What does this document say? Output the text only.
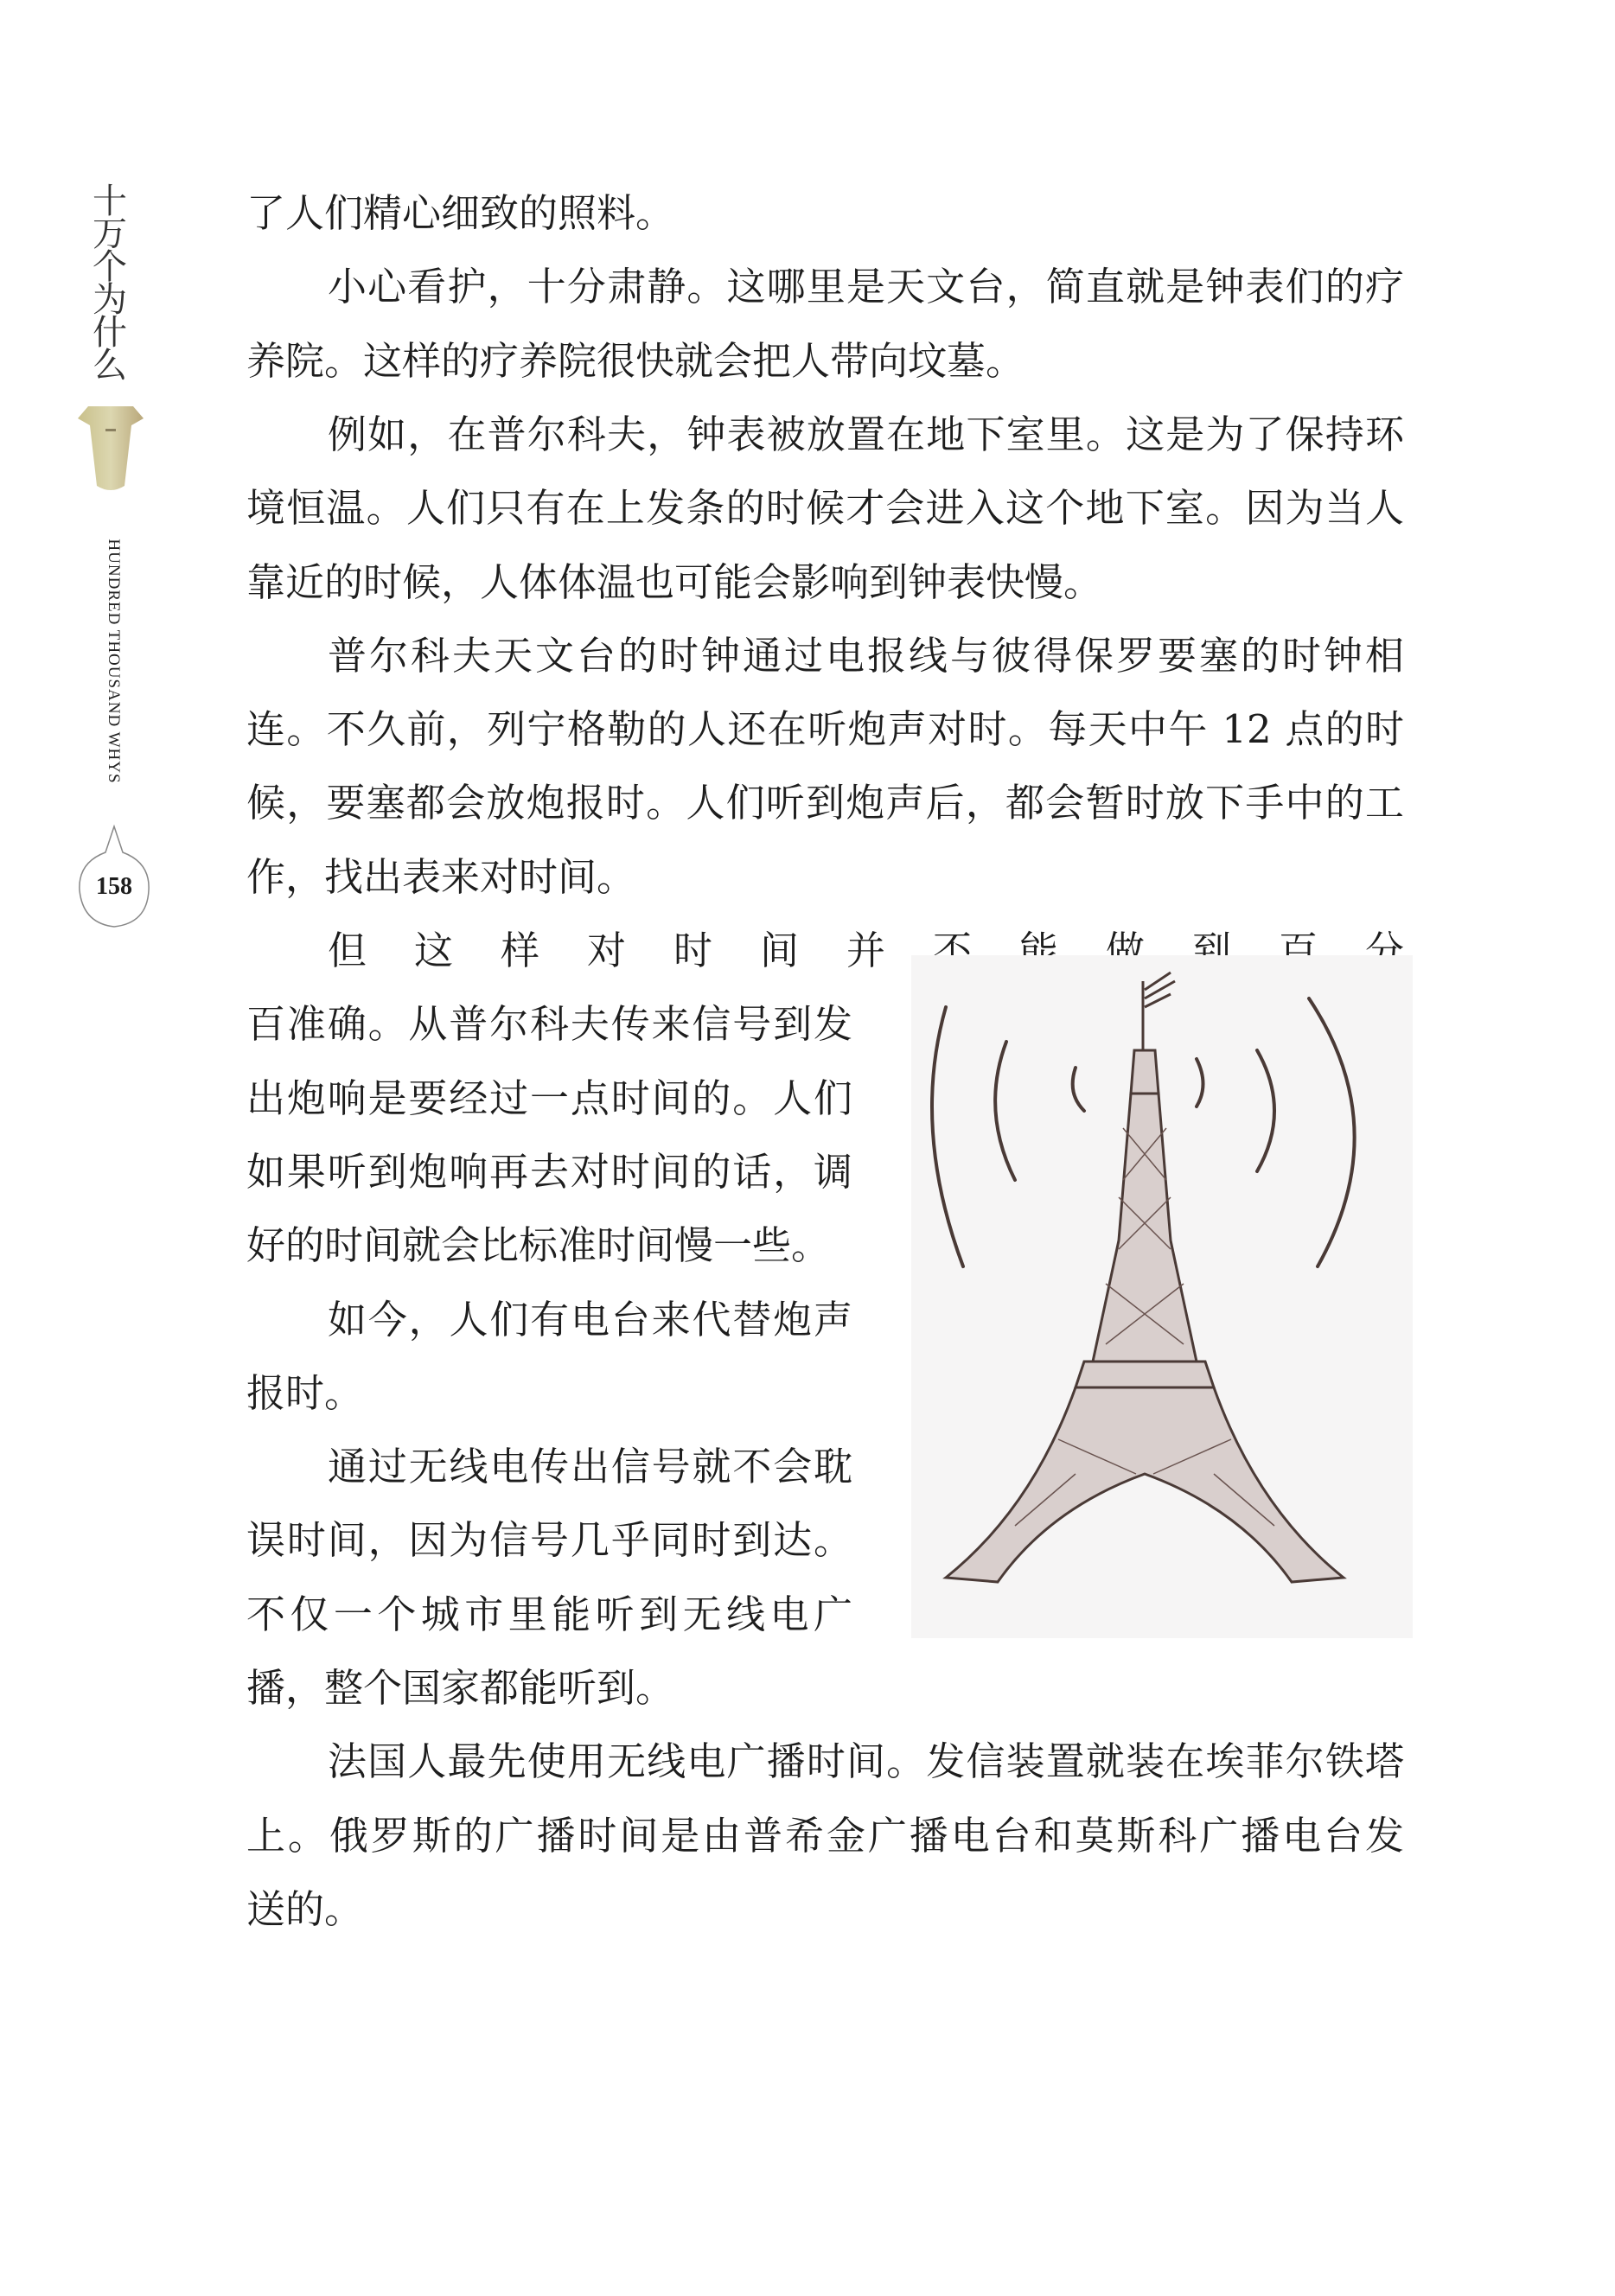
十
万
个
为
什
么
HUNDRED THOUSAND WHYS
158
了人们精心细致的照料。
小心看护，十分肃静。这哪里是天文台，简直就是钟表们的疗
养院。这样的疗养院很快就会把人带向坟墓。
例如，在普尔科夫，钟表被放置在地下室里。这是为了保持环
境恒温。人们只有在上发条的时候才会进入这个地下室。因为当人
靠近的时候，人体体温也可能会影响到钟表快慢。
普尔科夫天文台的时钟通过电报线与彼得保罗要塞的时钟相
连。不久前，列宁格勒的人还在听炮声对时。每天中午 12 点的时
候，要塞都会放炮报时。人们听到炮声后，都会暂时放下手中的工
作，找出表来对时间。
但这样对时间并不能做到百分
百准确。从普尔科夫传来信号到发
出炮响是要经过一点时间的。人们
如果听到炮响再去对时间的话，调
好的时间就会比标准时间慢一些。
如今，人们有电台来代替炮声
报时。
通过无线电传出信号就不会耽
误时间，因为信号几乎同时到达。
不仅一个城市里能听到无线电广
播，整个国家都能听到。
法国人最先使用无线电广播时间。发信装置就装在埃菲尔铁塔
上。俄罗斯的广播时间是由普希金广播电台和莫斯科广播电台发
送的。
